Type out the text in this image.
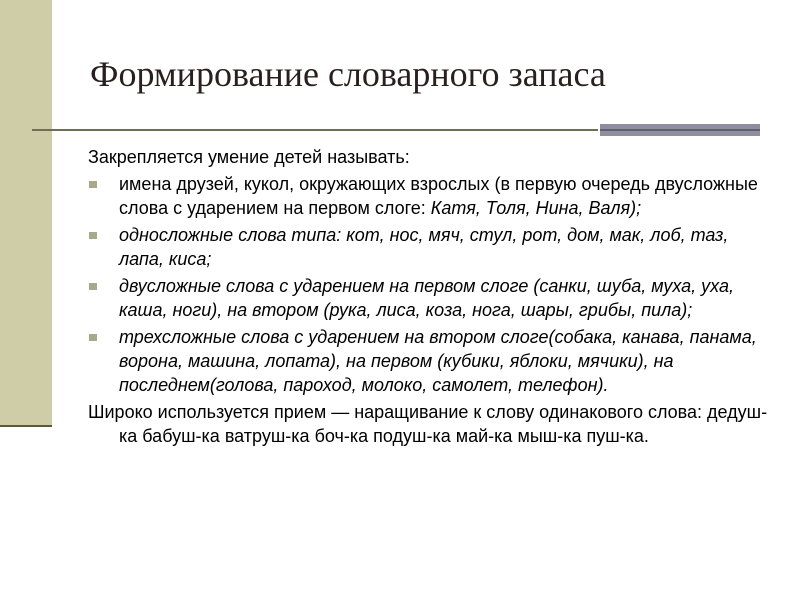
Формирование словарного запаса

Закрепляется умение детей называть:

имена друзей, кукол, окружающих взрослых (в первую очередь двусложные слова с ударением на первом слоге: Катя, Толя, Нина, Валя);
односложные слова типа: кот, нос, мяч, стул, рот, дом, мак, лоб, таз, лапа, киса;
двусложные слова с ударением на первом слоге (санки, шуба, муха, уха, каша, ноги), на втором (рука, лиса, коза, нога, шары, грибы, пила);
трехсложные слова с ударением на втором слоге(собака, канава, панама, ворона, машина, лопата), на первом (кубики, яблоки, мячики), на последнем(голова, пароход, молоко, самолет, телефон).

Широко используется прием — наращивание к слову одинакового слова: дедуш-ка бабуш-ка ватруш-ка боч-ка подуш-ка май-ка мыш-ка пуш-ка.
